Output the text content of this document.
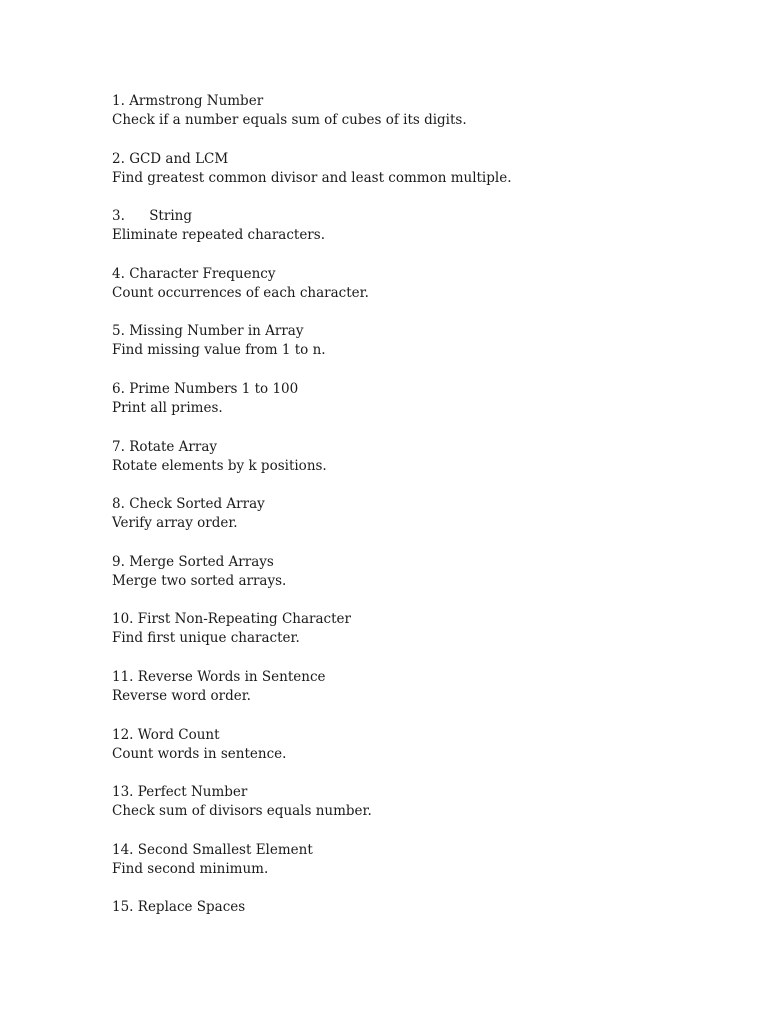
1. Armstrong Number
Check if a number equals sum of cubes of its digits.
2. GCD and LCM
Find greatest common divisor and least common multiple.
3. String
Eliminate repeated characters.
4. Character Frequency
Count occurrences of each character.
5. Missing Number in Array
Find missing value from 1 to n.
6. Prime Numbers 1 to 100
Print all primes.
7. Rotate Array
Rotate elements by k positions.
8. Check Sorted Array
Verify array order.
9. Merge Sorted Arrays
Merge two sorted arrays.
10. First Non-Repeating Character
Find first unique character.
11. Reverse Words in Sentence
Reverse word order.
12. Word Count
Count words in sentence.
13. Perfect Number
Check sum of divisors equals number.
14. Second Smallest Element
Find second minimum.
15. Replace Spaces
